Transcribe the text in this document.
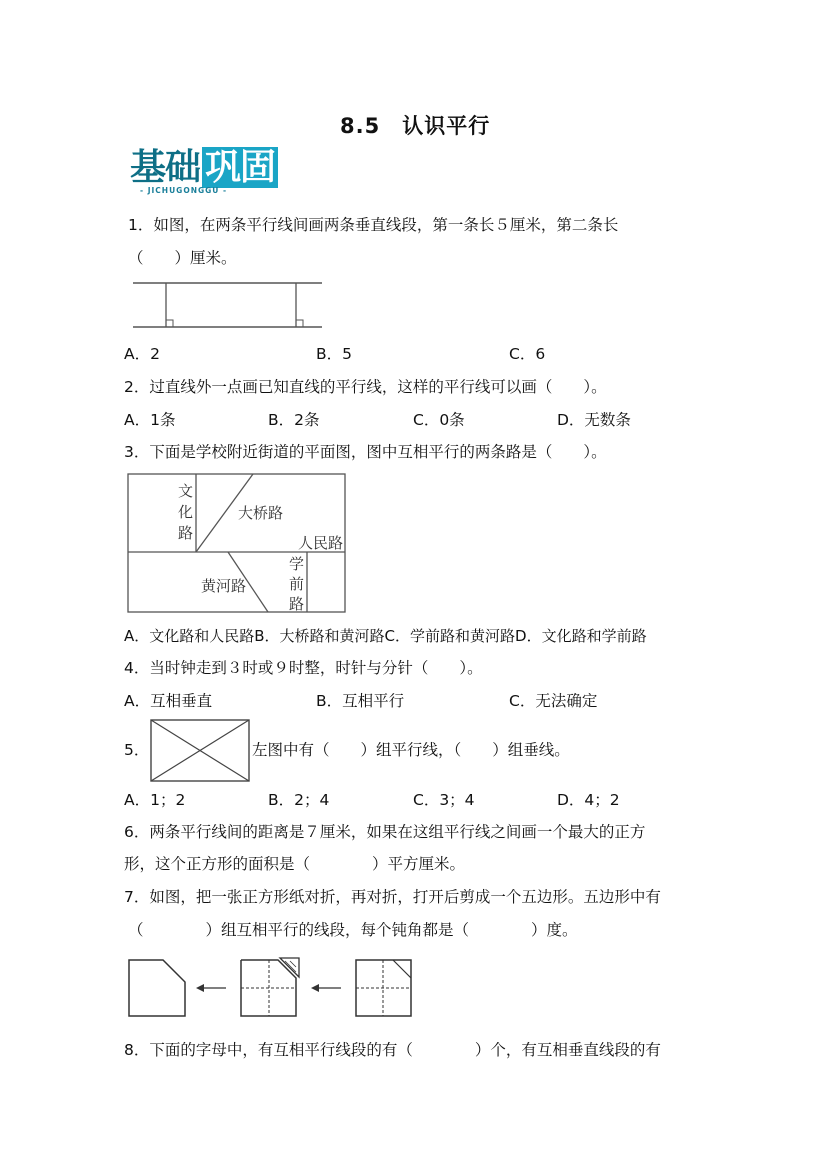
8.5　认识平行
基础 巩固
- JICHUGONGGU -
1．如图，在两条平行线间画两条垂直线段，第一条长５厘米，第二条长
（　　）厘米。
A．2	B．5	C．6
2．过直线外一点画已知直线的平行线，这样的平行线可以画（　　）。
A．1条	B．2条	C．0条	D．无数条
3．下面是学校附近街道的平面图，图中互相平行的两条路是（　　）。
文
化
路
大桥路
人民路
黄河路
学
前
路
A．文化路和人民路B．大桥路和黄河路C．学前路和黄河路D．文化路和学前路
4．当时钟走到３时或９时整，时针与分针（　　）。
A．互相垂直	B．互相平行	C．无法确定
5．	左图中有（　　）组平行线，（　　）组垂线。
A．1；2	B．2；4	C．3；4	D．4；2
6．两条平行线间的距离是７厘米，如果在这组平行线之间画一个最大的正方
形，这个正方形的面积是（　　　　）平方厘米。
7．如图，把一张正方形纸对折，再对折，打开后剪成一个五边形。五边形中有
（　　　　）组互相平行的线段，每个钝角都是（　　　　）度。
8．下面的字母中，有互相平行线段的有（　　　　）个，有互相垂直线段的有
